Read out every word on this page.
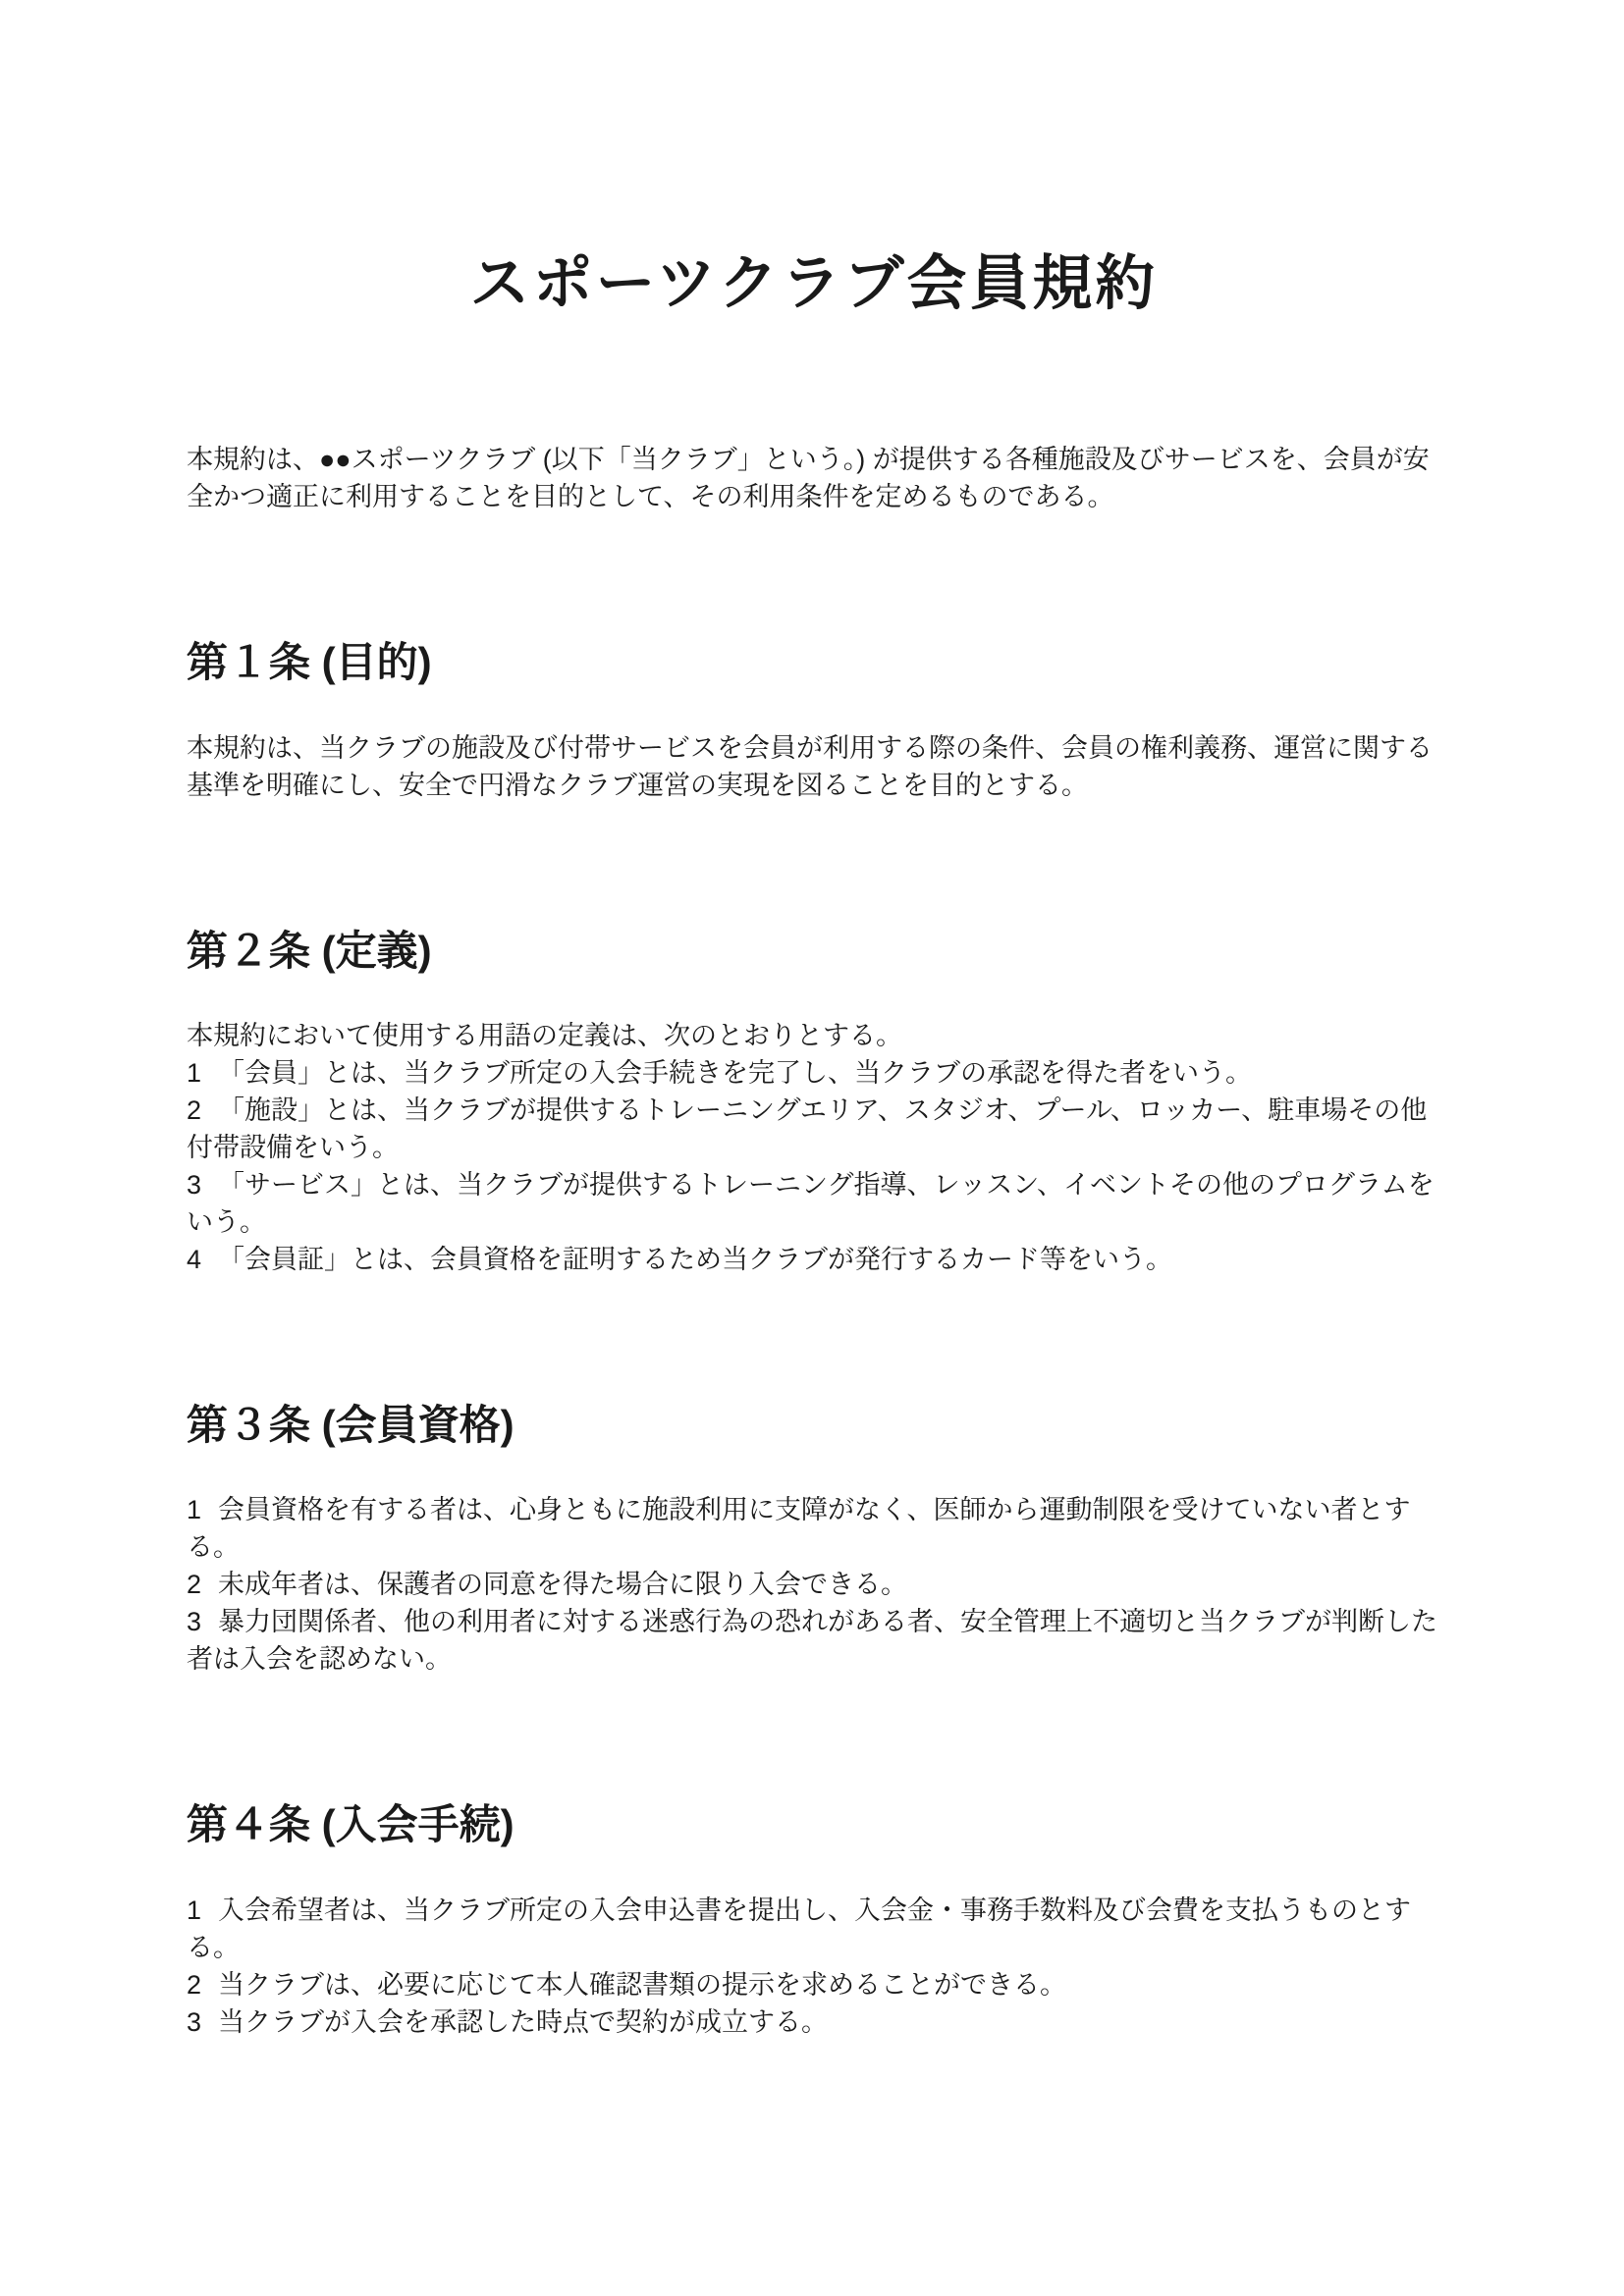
スポーツクラブ会員規約

本規約は、●●スポーツクラブ (以下「当クラブ」という。) が提供する各種施設及びサービスを、会員が安全かつ適正に利用することを目的として、その利用条件を定めるものである。

第１条 (目的)

本規約は、当クラブの施設及び付帯サービスを会員が利用する際の条件、会員の権利義務、運営に関する基準を明確にし、安全で円滑なクラブ運営の実現を図ることを目的とする。

第２条 (定義)

本規約において使用する用語の定義は、次のとおりとする。

1 「会員」とは、当クラブ所定の入会手続きを完了し、当クラブの承認を得た者をいう。

2 「施設」とは、当クラブが提供するトレーニングエリア、スタジオ、プール、ロッカー、駐車場その他付帯設備をいう。

3 「サービス」とは、当クラブが提供するトレーニング指導、レッスン、イベントその他のプログラムをいう。

4 「会員証」とは、会員資格を証明するため当クラブが発行するカード等をいう。

第３条 (会員資格)

1 会員資格を有する者は、心身ともに施設利用に支障がなく、医師から運動制限を受けていない者とする。

2 未成年者は、保護者の同意を得た場合に限り入会できる。

3 暴力団関係者、他の利用者に対する迷惑行為の恐れがある者、安全管理上不適切と当クラブが判断した者は入会を認めない。

第４条 (入会手続)

1 入会希望者は、当クラブ所定の入会申込書を提出し、入会金・事務手数料及び会費を支払うものとする。

2 当クラブは、必要に応じて本人確認書類の提示を求めることができる。

3 当クラブが入会を承認した時点で契約が成立する。
